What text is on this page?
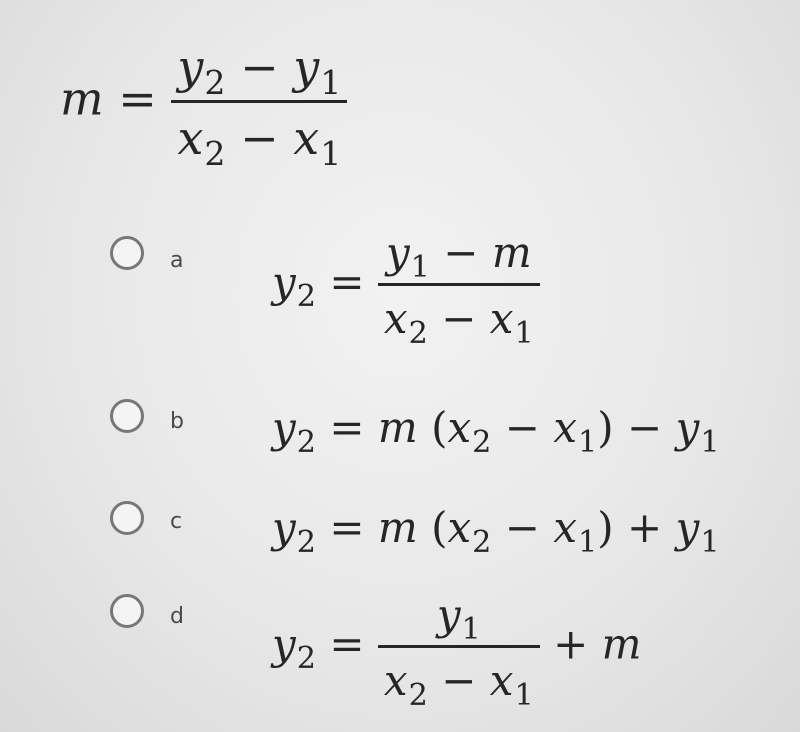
$m = \frac{y_2 - y_1}{x_2 - x_1}$
a $y_2 = \frac{y_1 - m}{x_2 - x_1}$
b $y_2 = m$ $(x_2 - x_1) - y_1$
c $y_2 = m$ $(x_2 - x_1) + y_1$
d
$y_2 = \frac{y_1}{x_2 - x_1} + m$
